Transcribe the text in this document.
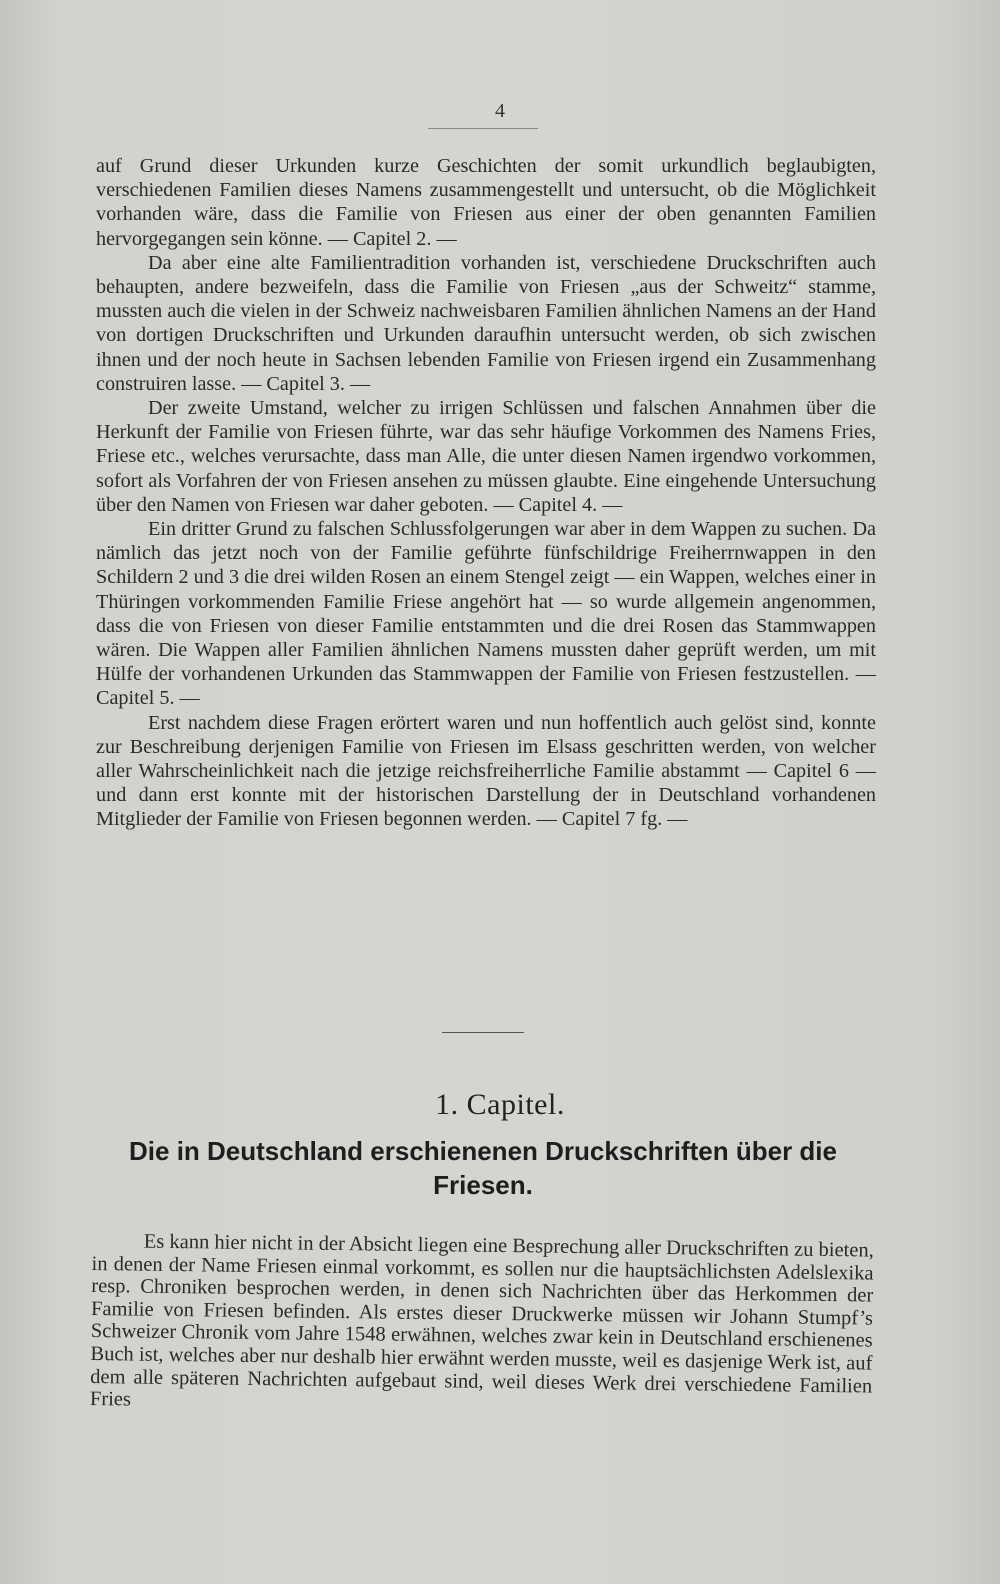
4

auf Grund dieser Urkunden kurze Geschichten der somit urkundlich beglaubigten, verschiedenen Familien dieses Namens zusammengestellt und untersucht, ob die Möglichkeit vorhanden wäre, dass die Familie von Friesen aus einer der oben genannten Familien hervorgegangen sein könne. — Capitel 2. —

Da aber eine alte Familientradition vorhanden ist, verschiedene Druckschriften auch behaupten, andere bezweifeln, dass die Familie von Friesen „aus der Schweitz“ stamme, mussten auch die vielen in der Schweiz nachweisbaren Familien ähnlichen Namens an der Hand von dortigen Druckschriften und Urkunden daraufhin untersucht werden, ob sich zwischen ihnen und der noch heute in Sachsen lebenden Familie von Friesen irgend ein Zusammenhang construiren lasse. — Capitel 3. —

Der zweite Umstand, welcher zu irrigen Schlüssen und falschen Annahmen über die Herkunft der Familie von Friesen führte, war das sehr häufige Vorkommen des Namens Fries, Friese etc., welches verursachte, dass man Alle, die unter diesen Namen irgendwo vorkommen, sofort als Vorfahren der von Friesen ansehen zu müssen glaubte. Eine eingehende Untersuchung über den Namen von Friesen war daher geboten. — Capitel 4. —

Ein dritter Grund zu falschen Schlussfolgerungen war aber in dem Wappen zu suchen. Da nämlich das jetzt noch von der Familie geführte fünfschildrige Freiherrnwappen in den Schildern 2 und 3 die drei wilden Rosen an einem Stengel zeigt — ein Wappen, welches einer in Thüringen vorkommenden Familie Friese angehört hat — so wurde allgemein angenommen, dass die von Friesen von dieser Familie entstammten und die drei Rosen das Stammwappen wären. Die Wappen aller Familien ähnlichen Namens mussten daher geprüft werden, um mit Hülfe der vorhandenen Urkunden das Stammwappen der Familie von Friesen festzustellen. — Capitel 5. —

Erst nachdem diese Fragen erörtert waren und nun hoffentlich auch gelöst sind, konnte zur Beschreibung derjenigen Familie von Friesen im Elsass geschritten werden, von welcher aller Wahrscheinlichkeit nach die jetzige reichsfreiherrliche Familie abstammt — Capitel 6 — und dann erst konnte mit der historischen Darstellung der in Deutschland vorhandenen Mitglieder der Familie von Friesen begonnen werden. — Capitel 7 fg. —

1. Capitel.
Die in Deutschland erschienenen Druckschriften über die Friesen.

Es kann hier nicht in der Absicht liegen eine Besprechung aller Druckschriften zu bieten, in denen der Name Friesen einmal vorkommt, es sollen nur die hauptsächlichsten Adelslexika resp. Chroniken besprochen werden, in denen sich Nachrichten über das Herkommen der Familie von Friesen befinden. Als erstes dieser Druckwerke müssen wir Johann Stumpf’s Schweizer Chronik vom Jahre 1548 erwähnen, welches zwar kein in Deutschland erschienenes Buch ist, welches aber nur deshalb hier erwähnt werden musste, weil es dasjenige Werk ist, auf dem alle späteren Nachrichten aufgebaut sind, weil dieses Werk drei verschiedene Familien Fries
